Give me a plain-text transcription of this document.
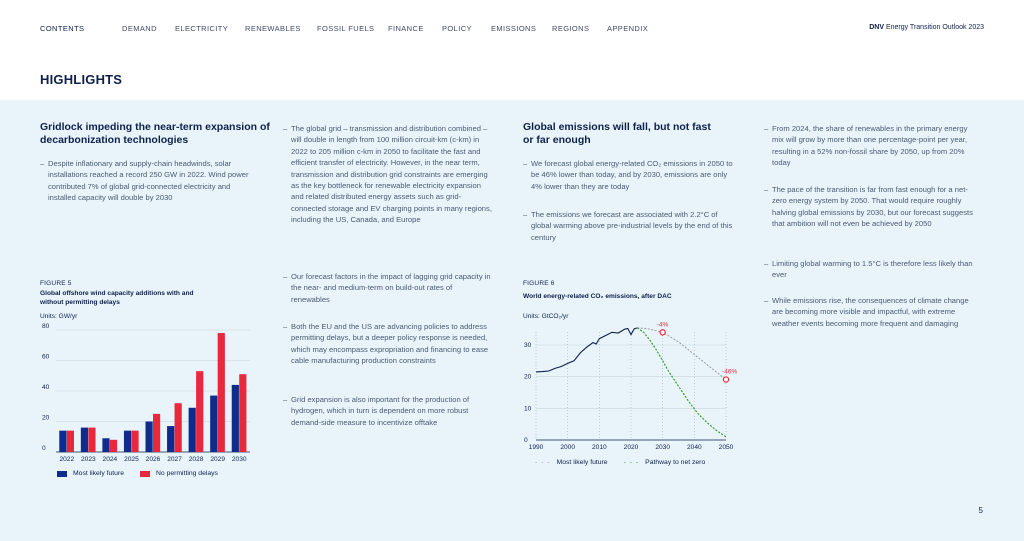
CONTENTS	DEMAND ELECTRICITY RENEWABLES FOSSIL FUELS FINANCE POLICY	EMISSIONS REGIONS APPENDIX	DNV Energy Transition Outlook 2023
HIGHLIGHTS
Gridlock impeding the near-term expansion of decarbonization technologies
– Despite inflationary and supply-chain headwinds, solar installations reached a record 250 GW in 2022. Wind power contributed 7% of global grid-connected electricity and installed capacity will double by 2030
FIGURE 5
Global offshore wind capacity additions with and without permitting delays
Units: GW/yr
0
20
40
60
80
2022 2023 2024 2025 2026 2027 2028 2029 2030
Most likely future	No permitting delays
– The global grid – transmission and distribution combined – will double in length from 100 million circuit-km (c-km) in 2022 to 205 million c-km in 2050 to facilitate the fast and efficient transfer of electricity. However, in the near term, transmission and distribution grid constraints are emerging as the key bottleneck for renewable electricity expansion and related distributed energy assets such as grid-connected storage and EV charging points in many regions, including the US, Canada, and Europe
– Our forecast factors in the impact of lagging grid capacity in the near- and medium-term on build-out rates of renewables
– Both the EU and the US are advancing policies to address permitting delays, but a deeper policy response is needed, which may encompass expropriation and financing to ease cable manufacturing production constraints
– Grid expansion is also important for the production of hydrogen, which in turn is dependent on more robust demand-side measure to incentivize offtake
Global emissions will fall, but not fast or far enough
– We forecast global energy-related CO₂ emissions in 2050 to be 46% lower than today, and by 2030, emissions are only 4% lower than they are today
– The emissions we forecast are associated with 2.2°C of global warming above pre-industrial levels by the end of this century
FIGURE 6
World energy-related CO₂ emissions, after DAC
Units: GtCO₂/yr
0
10
20
30
1990	2000	2010	2020	2030	2040	2050
-4%
-46%
- - - Most likely future - - - Pathway to net zero
– From 2024, the share of renewables in the primary energy mix will grow by more than one percentage-point per year, resulting in a 52% non-fossil share by 2050, up from 20% today
– The pace of the transition is far from fast enough for a net-zero energy system by 2050. That would require roughly halving global emissions by 2030, but our forecast suggests that ambition will not even be achieved by 2050
– Limiting global warming to 1.5°C is therefore less likely than ever
– While emissions rise, the consequences of climate change are becoming more visible and impactful, with extreme weather events becoming more frequent and damaging
5
